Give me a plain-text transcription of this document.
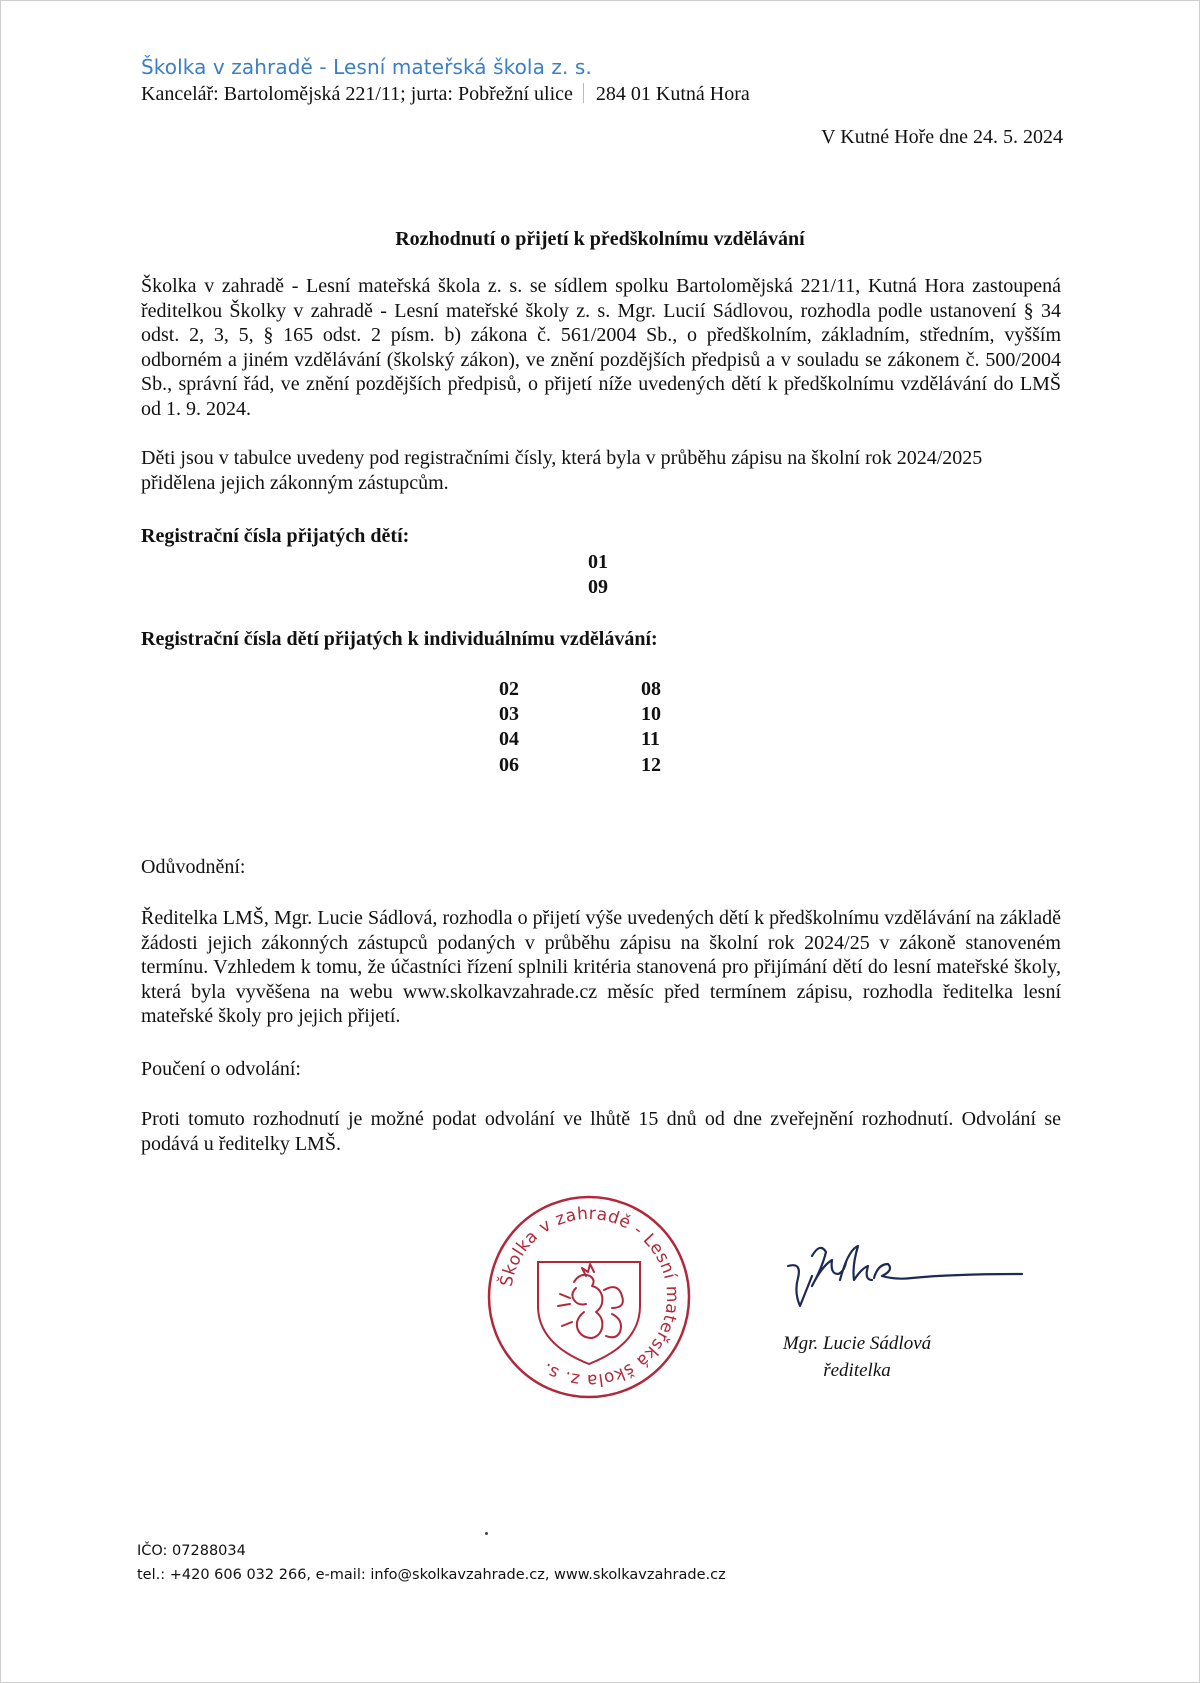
Školka v zahradě - Lesní mateřská škola z. s.
Kancelář: Bartolomějská 221/11; jurta: Pobřežní ulice 284 01 Kutná Hora
V Kutné Hoře dne 24. 5. 2024
Rozhodnutí o přijetí k předškolnímu vzdělávání
Školka v zahradě - Lesní mateřská škola z. s. se sídlem spolku Bartolomějská 221/11, Kutná Hora zastoupená ředitelkou Školky v zahradě - Lesní mateřské školy z. s. Mgr. Lucií Sádlovou, rozhodla podle ustanovení § 34 odst. 2, 3, 5, § 165 odst. 2 písm. b) zákona č. 561/2004 Sb., o předškolním, základním, středním, vyšším odborném a jiném vzdělávání (školský zákon), ve znění pozdějších předpisů a v souladu se zákonem č. 500/2004 Sb., správní řád, ve znění pozdějších předpisů, o přijetí níže uvedených dětí k předškolnímu vzdělávání do LMŠ od 1. 9. 2024.
Děti jsou v tabulce uvedeny pod registračními čísly, která byla v průběhu zápisu na školní rok 2024/2025 přidělena jejich zákonným zástupcům.
Registrační čísla přijatých dětí:
01
09
Registrační čísla dětí přijatých k individuálnímu vzdělávání:
02
03
04
06
08
10
11
12
Odůvodnění:
Ředitelka LMŠ, Mgr. Lucie Sádlová, rozhodla o přijetí výše uvedených dětí k předškolnímu vzdělávání na základě žádosti jejich zákonných zástupců podaných v průběhu zápisu na školní rok 2024/25 v zákoně stanoveném termínu. Vzhledem k tomu, že účastníci řízení splnili kritéria stanovená pro přijímání dětí do lesní mateřské školy, která byla vyvěšena na webu www.skolkavzahrade.cz měsíc před termínem zápisu, rozhodla ředitelka lesní mateřské školy pro jejich přijetí.
Poučení o odvolání:
Proti tomuto rozhodnutí je možné podat odvolání ve lhůtě 15 dnů od dne zveřejnění rozhodnutí. Odvolání se podává u ředitelky LMŠ.
Školka v zahradě - Lesní mateřská škola z. s.
Mgr. Lucie Sádlová
ředitelka
IČO: 07288034
tel.: +420 606 032 266, e-mail: info@skolkavzahrade.cz, www.skolkavzahrade.cz
